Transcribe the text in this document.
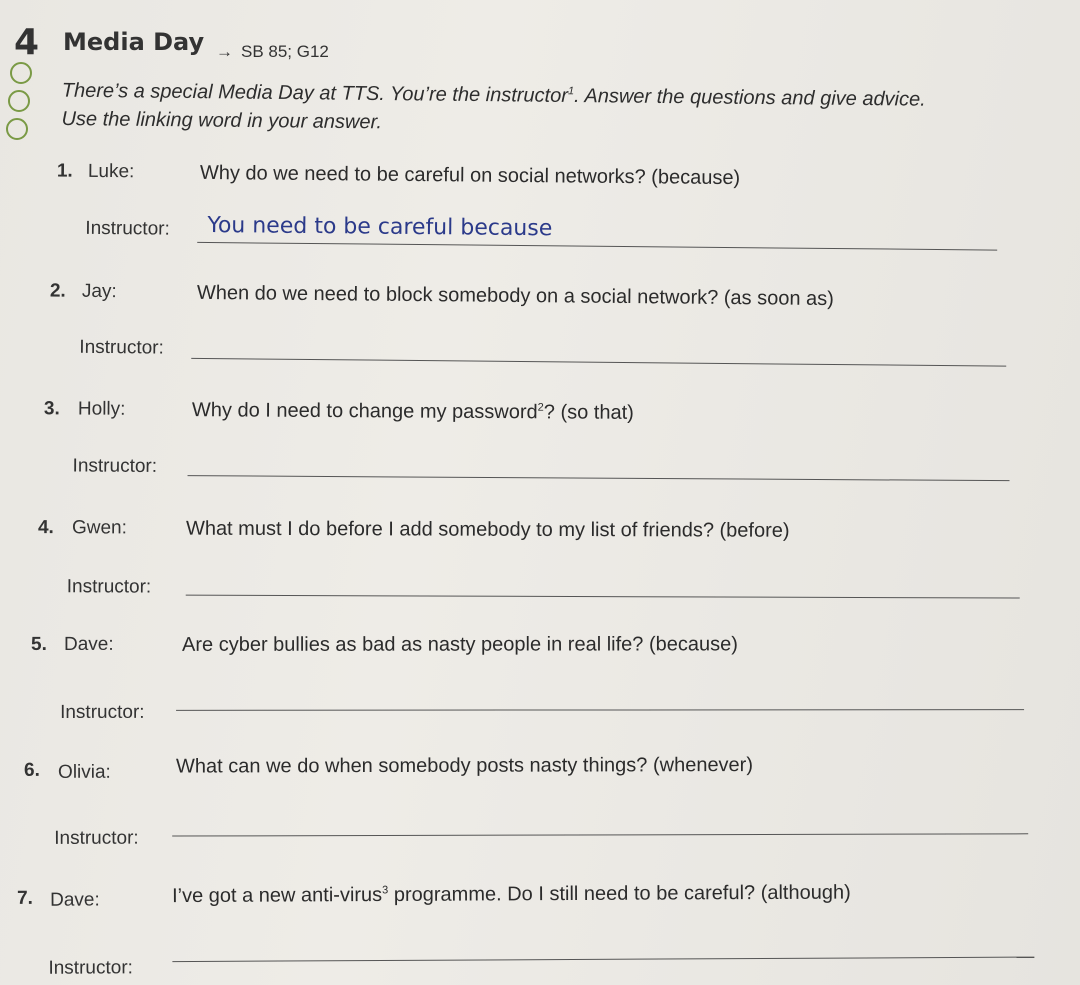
4 Media Day → SB 85; G12
There’s a special Media Day at TTS. You’re the instructor$^1$. Answer the questions and give advice.
Use the linking word in your answer.
1. Luke:	Why do we need to be careful on social networks? (because)
Instructor: You need to be careful because
2. Jay:	When do we need to block somebody on a social network? (as soon as)
Instructor:
3. Holly:	Why do I need to change my password$^2$? (so that)
Instructor:
4. Gwen:	What must I do before I add somebody to my list of friends? (before)
Instructor:
5. Dave:	Are cyber bullies as bad as nasty people in real life? (because)
Instructor:
6. Olivia:	What can we do when somebody posts nasty things? (whenever)
Instructor:
7. Dave:	I’ve got a new anti-virus$^3$ programme. Do I still need to be careful? (although)
Instructor:
